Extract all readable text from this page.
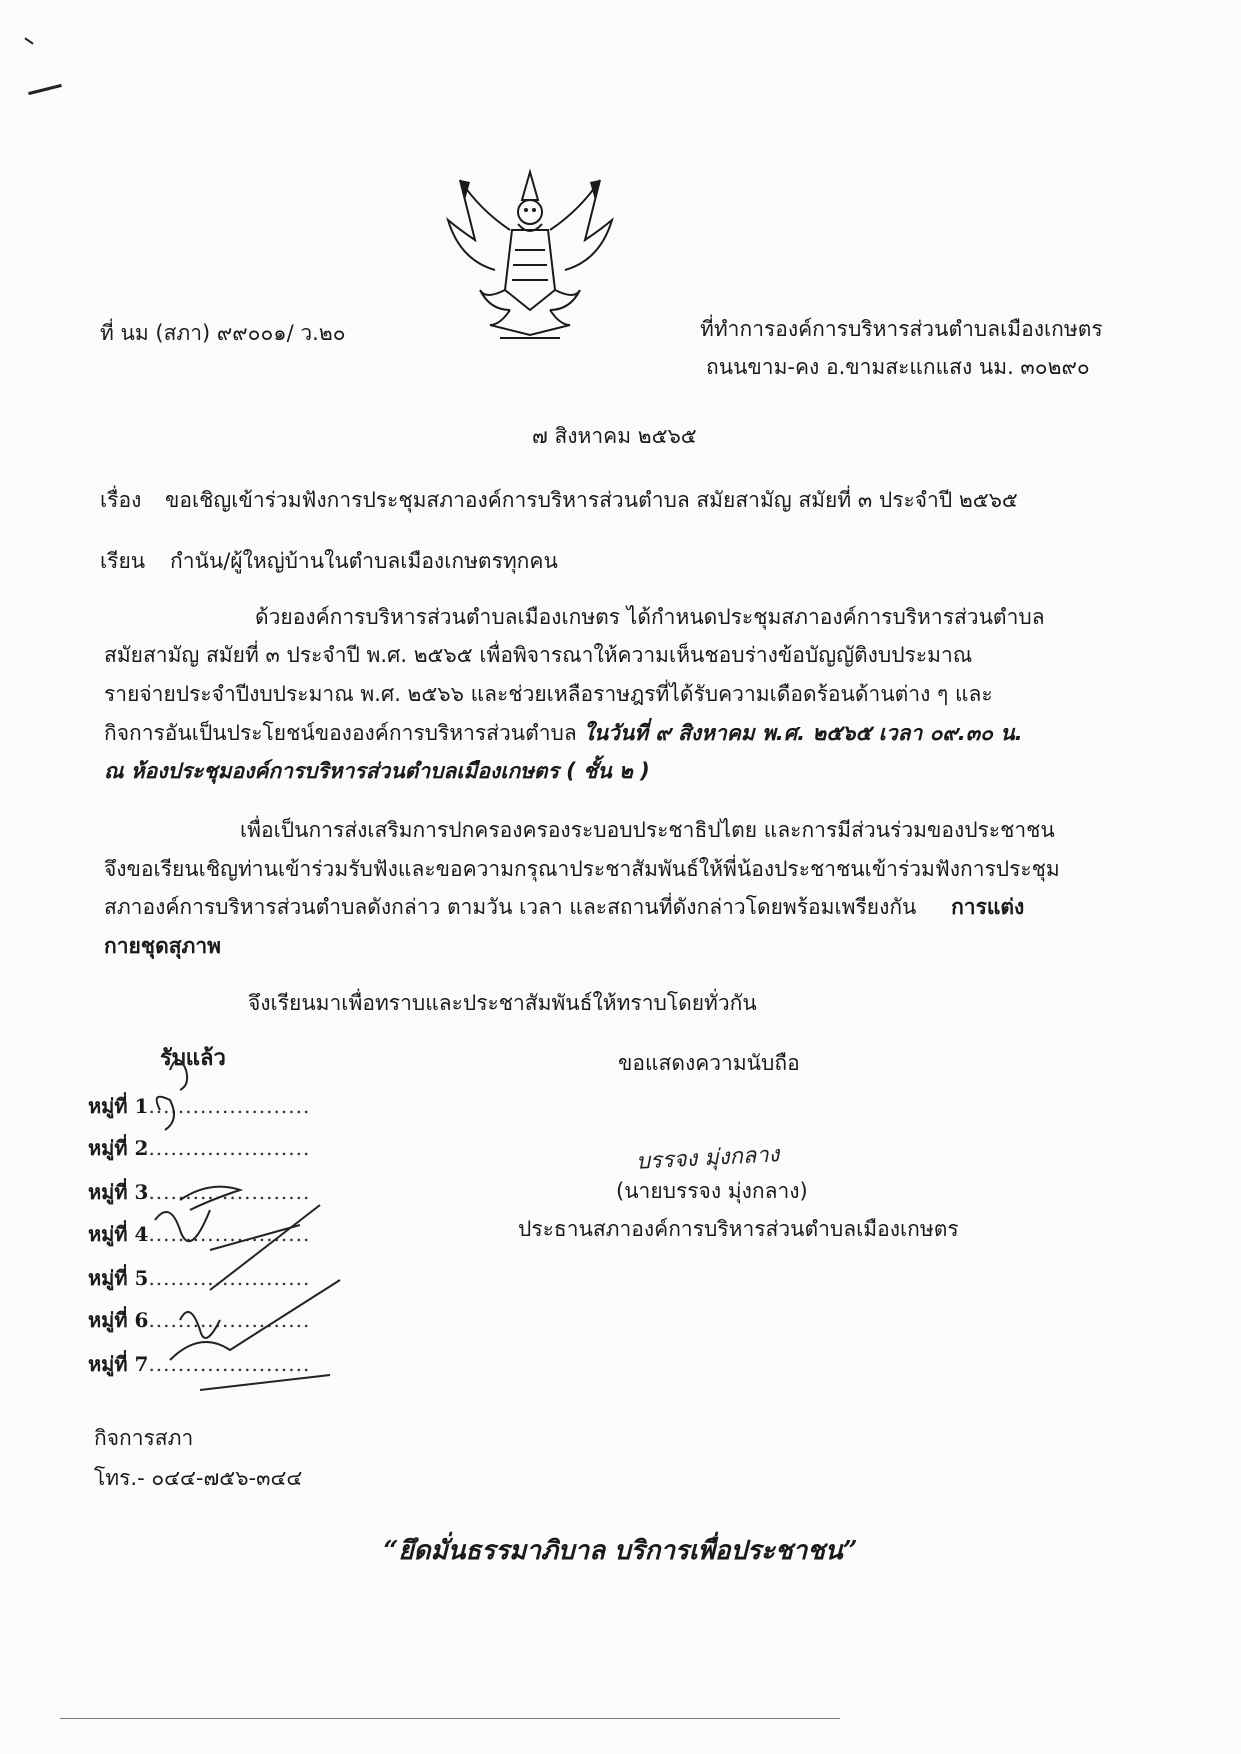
ที่ นม (สภา) ๙๙๐๐๑/ ว.๒๐	ที่ทำการองค์การบริหารส่วนตำบลเมืองเกษตร
ถนนขาม-คง อ.ขามสะแกแสง นม. ๓๐๒๙๐
๗ สิงหาคม ๒๕๖๕
เรื่อง ขอเชิญเข้าร่วมฟังการประชุมสภาองค์การบริหารส่วนตำบล สมัยสามัญ สมัยที่ ๓ ประจำปี ๒๕๖๕
เรียน กำนัน/ผู้ใหญ่บ้านในตำบลเมืองเกษตรทุกคน
ด้วยองค์การบริหารส่วนตำบลเมืองเกษตร ได้กำหนดประชุมสภาองค์การบริหารส่วนตำบล
สมัยสามัญ สมัยที่ ๓ ประจำปี พ.ศ. ๒๕๖๕ เพื่อพิจารณาให้ความเห็นชอบร่างข้อบัญญัติงบประมาณ
รายจ่ายประจำปีงบประมาณ พ.ศ. ๒๕๖๖ และช่วยเหลือราษฎรที่ได้รับความเดือดร้อนด้านต่าง ๆ และ
กิจการอันเป็นประโยชน์ขององค์การบริหารส่วนตำบล ในวันที่ ๙ สิงหาคม พ.ศ. ๒๕๖๕ เวลา ๐๙.๓๐ น.
ณ ห้องประชุมองค์การบริหารส่วนตำบลเมืองเกษตร ( ชั้น ๒ )
เพื่อเป็นการส่งเสริมการปกครองครองระบอบประชาธิปไตย และการมีส่วนร่วมของประชาชน
จึงขอเรียนเชิญท่านเข้าร่วมรับฟังและขอความกรุณาประชาสัมพันธ์ให้พี่น้องประชาชนเข้าร่วมฟังการประชุม
สภาองค์การบริหารส่วนตำบลดังกล่าว ตามวัน เวลา และสถานที่ดังกล่าวโดยพร้อมเพรียงกัน การแต่ง
กายชุดสุภาพ
จึงเรียนมาเพื่อทราบและประชาสัมพันธ์ให้ทราบโดยทั่วกัน
ขอแสดงความนับถือ
บรรจง มุ่งกลาง
(นายบรรจง มุ่งกลาง)
ประธานสภาองค์การบริหารส่วนตำบลเมืองเกษตร
รับแล้ว
หมู่ที่ 1......................
หมู่ที่ 2......................
หมู่ที่ 3......................
หมู่ที่ 4......................
หมู่ที่ 5......................
หมู่ที่ 6......................
หมู่ที่ 7......................
กิจการสภา
โทร.- ๐๔๔-๗๕๖-๓๔๔
“ยึดมั่นธรรมาภิบาล บริการเพื่อประชาชน”
